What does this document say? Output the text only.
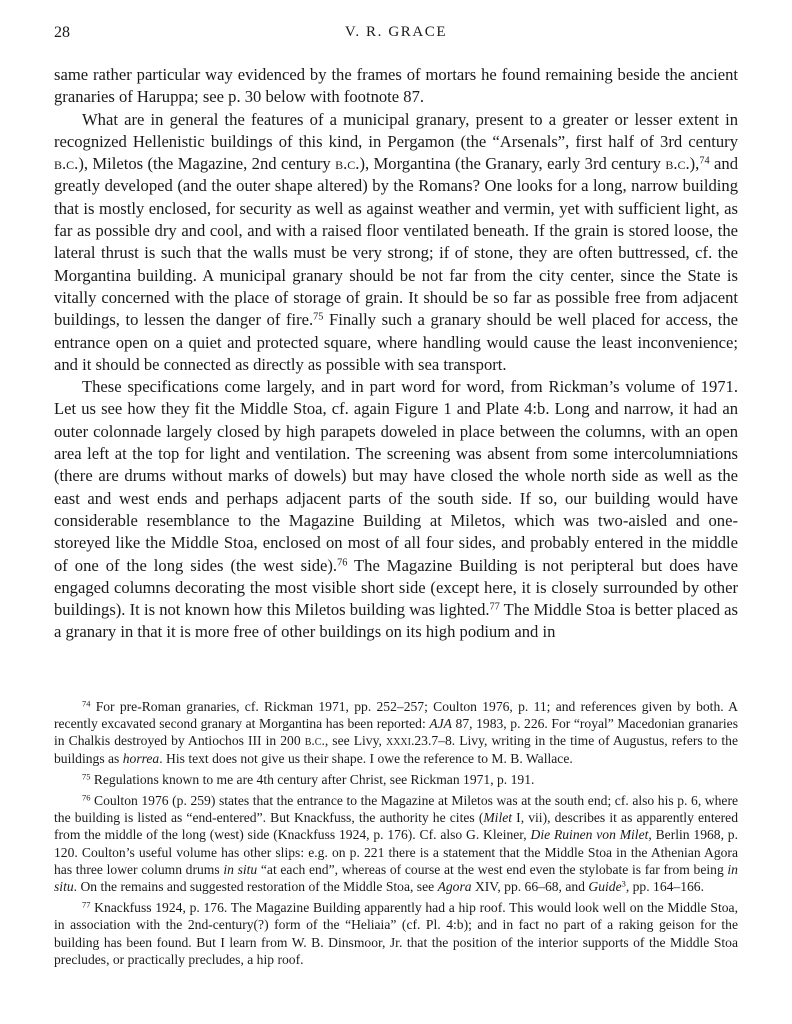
28	V. R. GRACE

same rather particular way evidenced by the frames of mortars he found remaining beside the ancient granaries of Haruppa; see p. 30 below with footnote 87.

What are in general the features of a municipal granary, present to a greater or lesser extent in recognized Hellenistic buildings of this kind, in Pergamon (the “Arsenals”, first half of 3rd century b.c.), Miletos (the Magazine, 2nd century b.c.), Morgantina (the Granary, early 3rd century b.c.),$^{74}$ and greatly developed (and the outer shape altered) by the Romans? One looks for a long, narrow building that is mostly enclosed, for security as well as against weather and vermin, yet with sufficient light, as far as possible dry and cool, and with a raised floor ventilated beneath. If the grain is stored loose, the lateral thrust is such that the walls must be very strong; if of stone, they are often buttressed, cf. the Morgantina building. A municipal granary should be not far from the city center, since the State is vitally concerned with the place of storage of grain. It should be so far as possible free from adjacent buildings, to lessen the danger of fire.$^{75}$ Finally such a granary should be well placed for access, the entrance open on a quiet and protected square, where handling would cause the least inconvenience; and it should be connected as directly as possible with sea transport.

These specifications come largely, and in part word for word, from Rickman’s volume of 1971. Let us see how they fit the Middle Stoa, cf. again Figure 1 and Plate 4:b. Long and narrow, it had an outer colonnade largely closed by high parapets doweled in place between the columns, with an open area left at the top for light and ventilation. The screening was absent from some intercolumniations (there are drums without marks of dowels) but may have closed the whole north side as well as the east and west ends and perhaps adjacent parts of the south side. If so, our building would have considerable resemblance to the Magazine Building at Miletos, which was two-aisled and one-storeyed like the Middle Stoa, enclosed on most of all four sides, and probably entered in the middle of one of the long sides (the west side).$^{76}$ The Magazine Building is not peripteral but does have engaged columns decorating the most visible short side (except here, it is closely surrounded by other buildings). It is not known how this Miletos building was lighted.$^{77}$ The Middle Stoa is better placed as a granary in that it is more free of other buildings on its high podium and in

$^{74}$ For pre-Roman granaries, cf. Rickman 1971, pp. 252–257; Coulton 1976, p. 11; and references given by both. A recently excavated second granary at Morgantina has been reported: AJA 87, 1983, p. 226. For “royal” Macedonian granaries in Chalkis destroyed by Antiochos III in 200 b.c., see Livy, xxxi.23.7–8. Livy, writing in the time of Augustus, refers to the buildings as horrea. His text does not give us their shape. I owe the reference to M. B. Wallace.

$^{75}$ Regulations known to me are 4th century after Christ, see Rickman 1971, p. 191.

$^{76}$ Coulton 1976 (p. 259) states that the entrance to the Magazine at Miletos was at the south end; cf. also his p. 6, where the building is listed as “end-entered”. But Knackfuss, the authority he cites (Milet I, vii), describes it as apparently entered from the middle of the long (west) side (Knackfuss 1924, p. 176). Cf. also G. Kleiner, Die Ruinen von Milet, Berlin 1968, p. 120. Coulton’s useful volume has other slips: e.g. on p. 221 there is a statement that the Middle Stoa in the Athenian Agora has three lower column drums in situ “at each end”, whereas of course at the west end even the stylobate is far from being in situ. On the remains and suggested restoration of the Middle Stoa, see Agora XIV, pp. 66–68, and Guide$^3$, pp. 164–166.

$^{77}$ Knackfuss 1924, p. 176. The Magazine Building apparently had a hip roof. This would look well on the Middle Stoa, in association with the 2nd-century(?) form of the “Heliaia” (cf. Pl. 4:b); and in fact no part of a raking geison for the building has been found. But I learn from W. B. Dinsmoor, Jr. that the position of the interior supports of the Middle Stoa precludes, or practically precludes, a hip roof.
